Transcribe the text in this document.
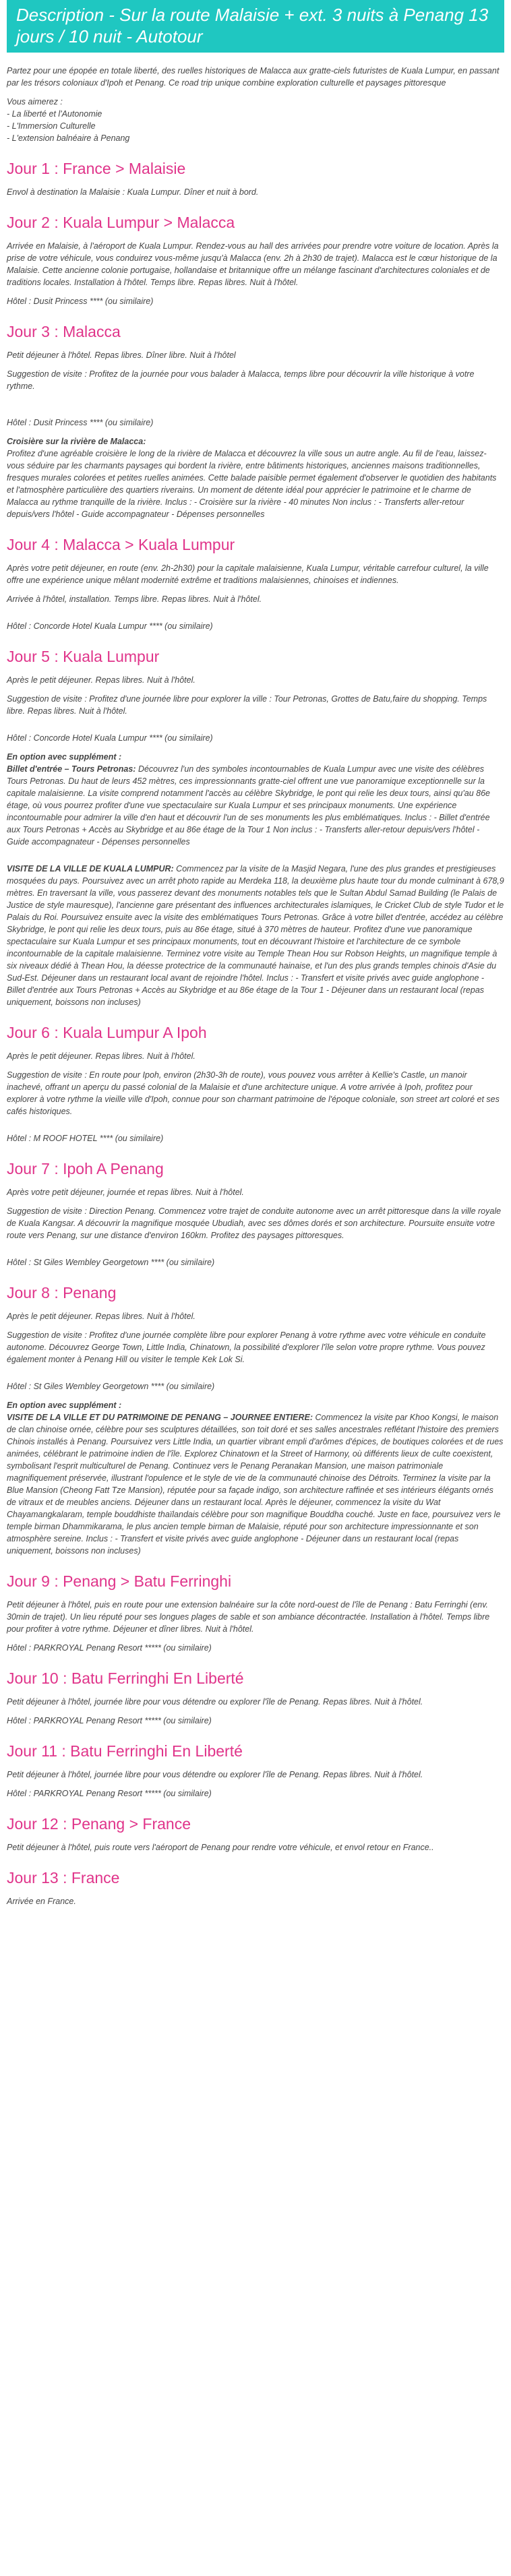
Description - Sur la route Malaisie + ext. 3 nuits à Penang 13 jours / 10 nuit - Autotour

Partez pour une épopée en totale liberté, des ruelles historiques de Malacca aux gratte-ciels futuristes de Kuala Lumpur, en passant par les trésors coloniaux d'Ipoh et Penang. Ce road trip unique combine exploration culturelle et paysages pittoresque

Vous aimerez :
- La liberté et l'Autonomie
- L'Immersion Culturelle
- L'extension balnéaire à Penang
Jour 1 : France > Malaisie

Envol à destination la Malaisie : Kuala Lumpur. Dîner et nuit à bord.

Jour 2 : Kuala Lumpur > Malacca

Arrivée en Malaisie, à l'aéroport de Kuala Lumpur. Rendez-vous au hall des arrivées pour prendre votre voiture de location. Après la prise de votre véhicule, vous conduirez vous-même jusqu'à Malacca (env. 2h à 2h30 de trajet). Malacca est le cœur historique de la Malaisie. Cette ancienne colonie portugaise, hollandaise et britannique offre un mélange fascinant d'architectures coloniales et de traditions locales. Installation à l'hôtel. Temps libre. Repas libres. Nuit à l'hôtel.

Hôtel : Dusit Princess **** (ou similaire)
Jour 3 : Malacca

Petit déjeuner à l'hôtel. Repas libres. Dîner libre. Nuit à l'hôtel

Suggestion de visite : Profitez de la journée pour vous balader à Malacca, temps libre pour découvrir la ville historique à votre rythme.

Hôtel : Dusit Princess **** (ou similaire)

Croisière sur la rivière de Malacca:
Profitez d'une agréable croisière le long de la rivière de Malacca et découvrez la ville sous un autre angle. Au fil de l'eau, laissez-vous séduire par les charmants paysages qui bordent la rivière, entre bâtiments historiques, anciennes maisons traditionnelles, fresques murales colorées et petites ruelles animées. Cette balade paisible permet également d'observer le quotidien des habitants et l'atmosphère particulière des quartiers riverains. Un moment de détente idéal pour apprécier le patrimoine et le charme de Malacca au rythme tranquille de la rivière. Inclus : - Croisière sur la rivière - 40 minutes Non inclus : - Transferts aller-retour depuis/vers l'hôtel - Guide accompagnateur - Dépenses personnelles

Jour 4 : Malacca > Kuala Lumpur

Après votre petit déjeuner, en route (env. 2h-2h30) pour la capitale malaisienne, Kuala Lumpur, véritable carrefour culturel, la ville offre une expérience unique mêlant modernité extrême et traditions malaisiennes, chinoises et indiennes.

Arrivée à l'hôtel, installation. Temps libre. Repas libres. Nuit à l'hôtel.

Hôtel : Concorde Hotel Kuala Lumpur **** (ou similaire)
Jour 5 : Kuala Lumpur

Après le petit déjeuner. Repas libres. Nuit à l'hôtel.

Suggestion de visite : Profitez d'une journée libre pour explorer la ville : Tour Petronas, Grottes de Batu,faire du shopping. Temps libre. Repas libres. Nuit à l'hôtel.

Hôtel : Concorde Hotel Kuala Lumpur **** (ou similaire)

En option avec supplément :
Billet d'entrée – Tours Petronas: Découvrez l'un des symboles incontournables de Kuala Lumpur avec une visite des célèbres Tours Petronas. Du haut de leurs 452 mètres, ces impressionnants gratte-ciel offrent une vue panoramique exceptionnelle sur la capitale malaisienne. La visite comprend notamment l'accès au célèbre Skybridge, le pont qui relie les deux tours, ainsi qu'au 86e étage, où vous pourrez profiter d'une vue spectaculaire sur Kuala Lumpur et ses principaux monuments. Une expérience incontournable pour admirer la ville d'en haut et découvrir l'un de ses monuments les plus emblématiques. Inclus : - Billet d'entrée aux Tours Petronas + Accès au Skybridge et au 86e étage de la Tour 1 Non inclus : - Transferts aller-retour depuis/vers l'hôtel - Guide accompagnateur - Dépenses personnelles

VISITE DE LA VILLE DE KUALA LUMPUR: Commencez par la visite de la Masjid Negara, l'une des plus grandes et prestigieuses mosquées du pays. Poursuivez avec un arrêt photo rapide au Merdeka 118, la deuxième plus haute tour du monde culminant à 678,9 mètres. En traversant la ville, vous passerez devant des monuments notables tels que le Sultan Abdul Samad Building (le Palais de Justice de style mauresque), l'ancienne gare présentant des influences architecturales islamiques, le Cricket Club de style Tudor et le Palais du Roi. Poursuivez ensuite avec la visite des emblématiques Tours Petronas. Grâce à votre billet d'entrée, accédez au célèbre Skybridge, le pont qui relie les deux tours, puis au 86e étage, situé à 370 mètres de hauteur. Profitez d'une vue panoramique spectaculaire sur Kuala Lumpur et ses principaux monuments, tout en découvrant l'histoire et l'architecture de ce symbole incontournable de la capitale malaisienne. Terminez votre visite au Temple Thean Hou sur Robson Heights, un magnifique temple à six niveaux dédié à Thean Hou, la déesse protectrice de la communauté hainaise, et l'un des plus grands temples chinois d'Asie du Sud-Est. Déjeuner dans un restaurant local avant de rejoindre l'hôtel. Inclus : - Transfert et visite privés avec guide anglophone - Billet d'entrée aux Tours Petronas + Accès au Skybridge et au 86e étage de la Tour 1 - Déjeuner dans un restaurant local (repas uniquement, boissons non incluses)

Jour 6 : Kuala Lumpur A Ipoh

Après le petit déjeuner. Repas libres. Nuit à l'hôtel.

Suggestion de visite : En route pour Ipoh, environ (2h30-3h de route), vous pouvez vous arrêter à Kellie's Castle, un manoir inachevé, offrant un aperçu du passé colonial de la Malaisie et d'une architecture unique. A votre arrivée à Ipoh, profitez pour explorer à votre rythme la vieille ville d'Ipoh, connue pour son charmant patrimoine de l'époque coloniale, son street art coloré et ses cafés historiques.

Hôtel : M ROOF HOTEL **** (ou similaire)
Jour 7 : Ipoh A Penang

Après votre petit déjeuner, journée et repas libres. Nuit à l'hôtel.

Suggestion de visite : Direction Penang. Commencez votre trajet de conduite autonome avec un arrêt pittoresque dans la ville royale de Kuala Kangsar. A découvrir la magnifique mosquée Ubudiah, avec ses dômes dorés et son architecture. Poursuite ensuite votre route vers Penang, sur une distance d'environ 160km. Profitez des paysages pittoresques.

Hôtel : St Giles Wembley Georgetown **** (ou similaire)
Jour 8 : Penang

Après le petit déjeuner. Repas libres. Nuit à l'hôtel.

Suggestion de visite : Profitez d'une journée complète libre pour explorer Penang à votre rythme avec votre véhicule en conduite autonome. Découvrez George Town, Little India, Chinatown, la possibilité d'explorer l'île selon votre propre rythme. Vous pouvez également monter à Penang Hill ou visiter le temple Kek Lok Si.

Hôtel : St Giles Wembley Georgetown **** (ou similaire)

En option avec supplément :
VISITE DE LA VILLE ET DU PATRIMOINE DE PENANG – JOURNEE ENTIERE: Commencez la visite par Khoo Kongsi, le maison de clan chinoise ornée, célèbre pour ses sculptures détaillées, son toit doré et ses salles ancestrales reflétant l'histoire des premiers Chinois installés à Penang. Poursuivez vers Little India, un quartier vibrant empli d'arômes d'épices, de boutiques colorées et de rues animées, célébrant le patrimoine indien de l'île. Explorez Chinatown et la Street of Harmony, où différents lieux de culte coexistent, symbolisant l'esprit multiculturel de Penang. Continuez vers le Penang Peranakan Mansion, une maison patrimoniale magnifiquement préservée, illustrant l'opulence et le style de vie de la communauté chinoise des Détroits. Terminez la visite par la Blue Mansion (Cheong Fatt Tze Mansion), réputée pour sa façade indigo, son architecture raffinée et ses intérieurs élégants ornés de vitraux et de meubles anciens. Déjeuner dans un restaurant local. Après le déjeuner, commencez la visite du Wat Chayamangkalaram, temple bouddhiste thaïlandais célèbre pour son magnifique Bouddha couché. Juste en face, poursuivez vers le temple birman Dhammikarama, le plus ancien temple birman de Malaisie, réputé pour son architecture impressionnante et son atmosphère sereine. Inclus : - Transfert et visite privés avec guide anglophone - Déjeuner dans un restaurant local (repas uniquement, boissons non incluses)

Jour 9 : Penang > Batu Ferringhi

Petit déjeuner à l'hôtel, puis en route pour une extension balnéaire sur la côte nord-ouest de l'île de Penang : Batu Ferringhi (env. 30min de trajet). Un lieu réputé pour ses longues plages de sable et son ambiance décontractée. Installation à l'hôtel. Temps libre pour profiter à votre rythme. Déjeuner et dîner libres. Nuit à l'hôtel.

Hôtel : PARKROYAL Penang Resort ***** (ou similaire)
Jour 10 : Batu Ferringhi En Liberté

Petit déjeuner à l'hôtel, journée libre pour vous détendre ou explorer l'île de Penang. Repas libres. Nuit à l'hôtel.

Hôtel : PARKROYAL Penang Resort ***** (ou similaire)
Jour 11 : Batu Ferringhi En Liberté

Petit déjeuner à l'hôtel, journée libre pour vous détendre ou explorer l'île de Penang. Repas libres. Nuit à l'hôtel.

Hôtel : PARKROYAL Penang Resort ***** (ou similaire)
Jour 12 : Penang > France

Petit déjeuner à l'hôtel, puis route vers l'aéroport de Penang pour rendre votre véhicule, et envol retour en France..

Jour 13 : France

Arrivée en France.
